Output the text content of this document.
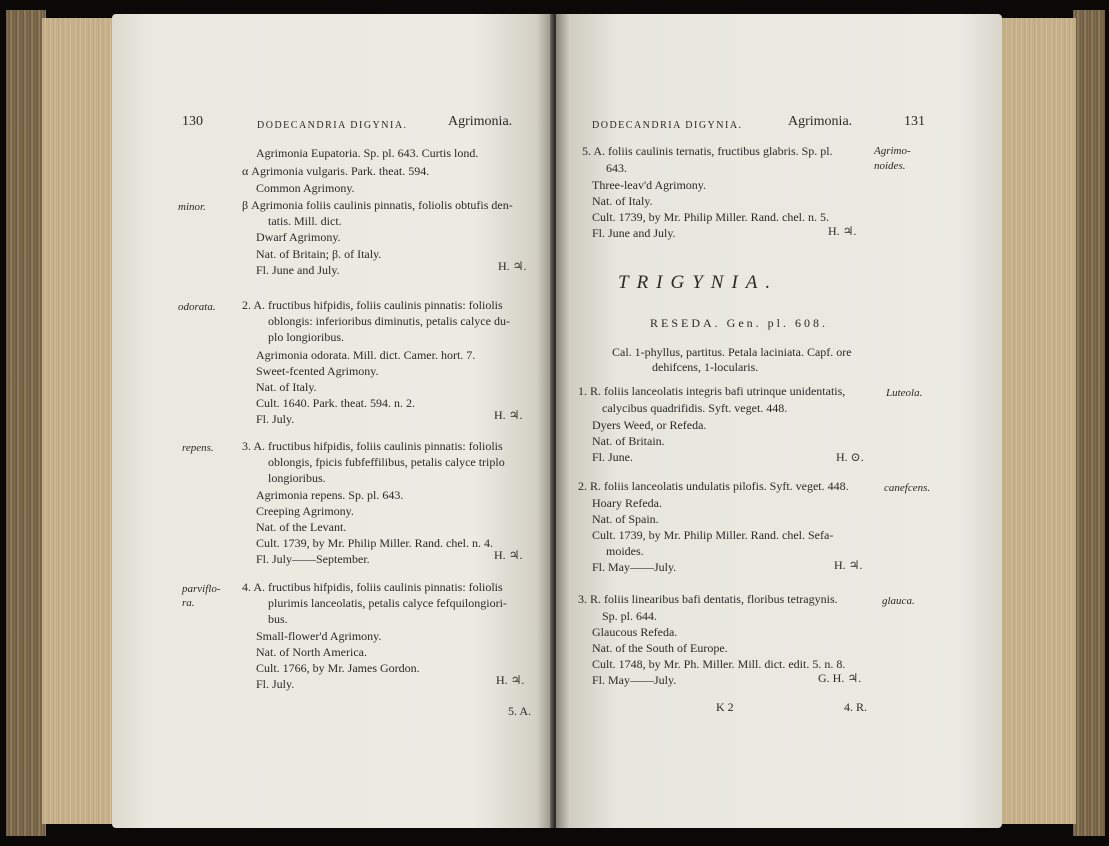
130	DODECANDRIA DIGYNIA.	Agrimonia.
Agrimonia Eupatoria. Sp. pl. 643. Curtis lond.
α Agrimonia vulgaris. Park. theat. 594.
Common Agrimony.
β Agrimonia foliis caulinis pinnatis, foliolis obtufis den-
tatis. Mill. dict.
Dwarf Agrimony.
Nat. of Britain; β. of Italy.
Fl. June and July.	H. ♃.
2. A. fructibus hifpidis, foliis caulinis pinnatis: foliolis
oblongis: inferioribus diminutis, petalis calyce du-
plo longioribus.
Agrimonia odorata. Mill. dict. Camer. hort. 7.
Sweet-fcented Agrimony.
Nat. of Italy.
Cult. 1640. Park. theat. 594. n. 2.
Fl. July.	H. ♃.
3. A. fructibus hifpidis, foliis caulinis pinnatis: foliolis
oblongis, fpicis fubfeffilibus, petalis calyce triplo
longioribus.
Agrimonia repens. Sp. pl. 643.
Creeping Agrimony.
Nat. of the Levant.
Cult. 1739, by Mr. Philip Miller. Rand. chel. n. 4.
Fl. July——September.	H. ♃.
4. A. fructibus hifpidis, foliis caulinis pinnatis: foliolis
plurimis lanceolatis, petalis calyce fefquilongiori-
bus.
Small-flower'd Agrimony.
Nat. of North America.
Cult. 1766, by Mr. James Gordon.
Fl. July.	H. ♃.
5. A.
minor.
odorata.
repens.
parviflo-
ra.
DODECANDRIA DIGYNIA.	Agrimonia.	131
5. A. foliis caulinis ternatis, fructibus glabris. Sp. pl.
643.
Three-leav'd Agrimony.
Nat. of Italy.
Cult. 1739, by Mr. Philip Miller. Rand. chel. n. 5.
Fl. June and July.	H. ♃.
TRIGYNIA.
RESEDA. Gen. pl. 608.
Cal. 1-phyllus, partitus. Petala laciniata. Capf. ore
dehifcens, 1-locularis.
1. R. foliis lanceolatis integris bafi utrinque unidentatis,
calycibus quadrifidis. Syft. veget. 448.
Dyers Weed, or Refeda.
Nat. of Britain.
Fl. June.	H. ⊙.
2. R. foliis lanceolatis undulatis pilofis. Syft. veget. 448.
Hoary Refeda.
Nat. of Spain.
Cult. 1739, by Mr. Philip Miller. Rand. chel. Sefa-
moides.
Fl. May——July.	H. ♃.
3. R. foliis linearibus bafi dentatis, floribus tetragynis.
Sp. pl. 644.
Glaucous Refeda.
Nat. of the South of Europe.
Cult. 1748, by Mr. Ph. Miller. Mill. dict. edit. 5. n. 8.
Fl. May——July.	G. H. ♃.
K 2	4. R.
Agrimo-
noides.
Luteola.
canefcens.
glauca.
